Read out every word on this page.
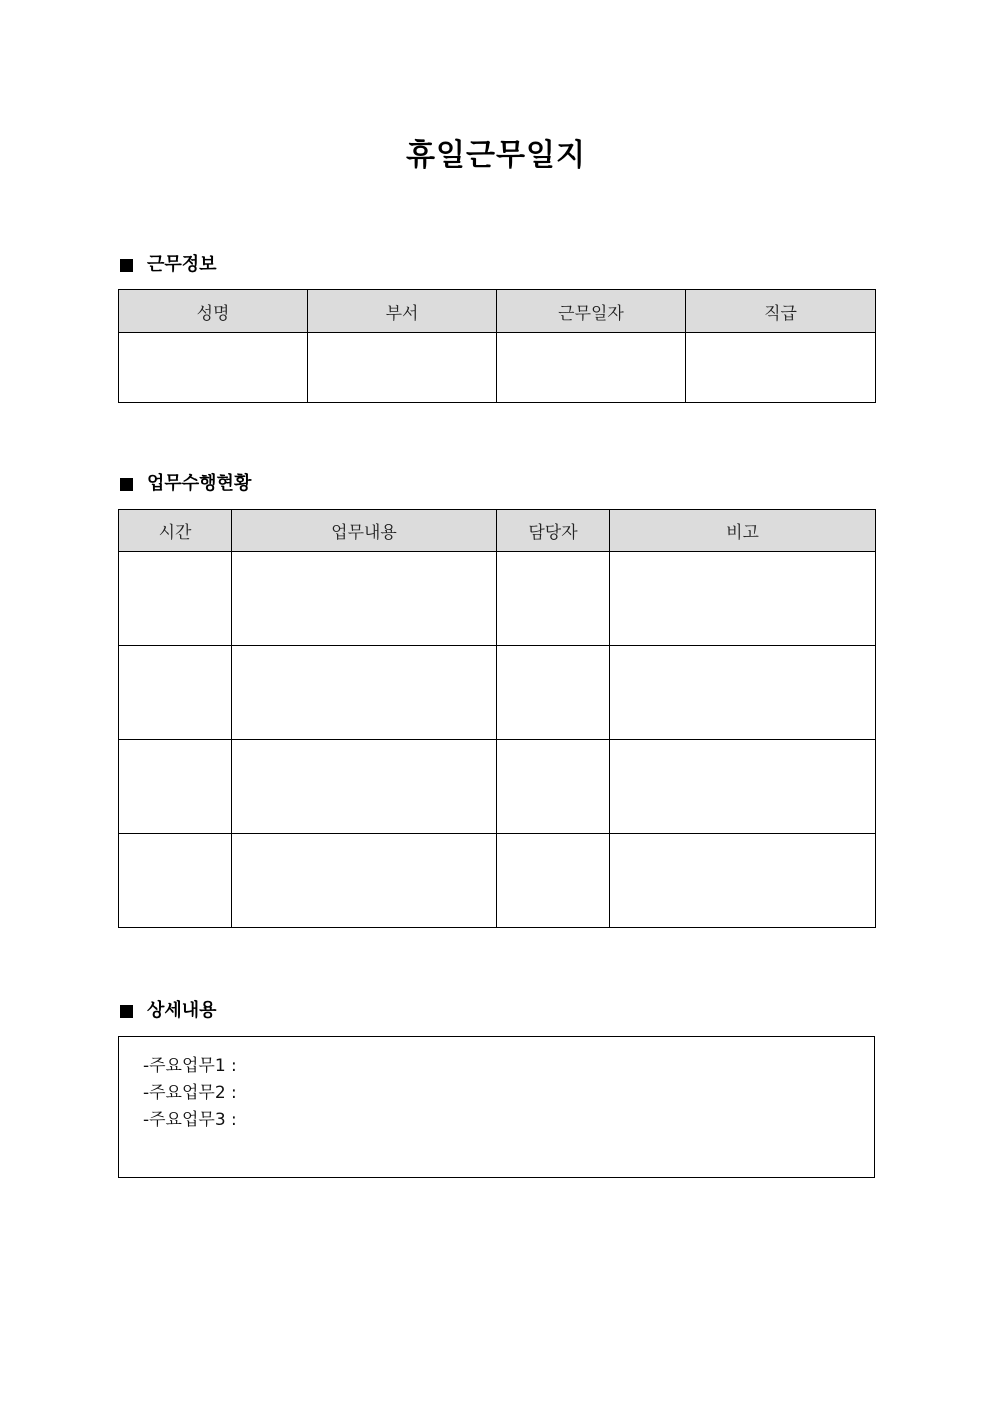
휴일근무일지
근무정보
성명	부서	근무일자	직급

업무수행현황
시간	업무내용	담당자	비고

상세내용
-주요업무1 :
-주요업무2 :
-주요업무3 :
